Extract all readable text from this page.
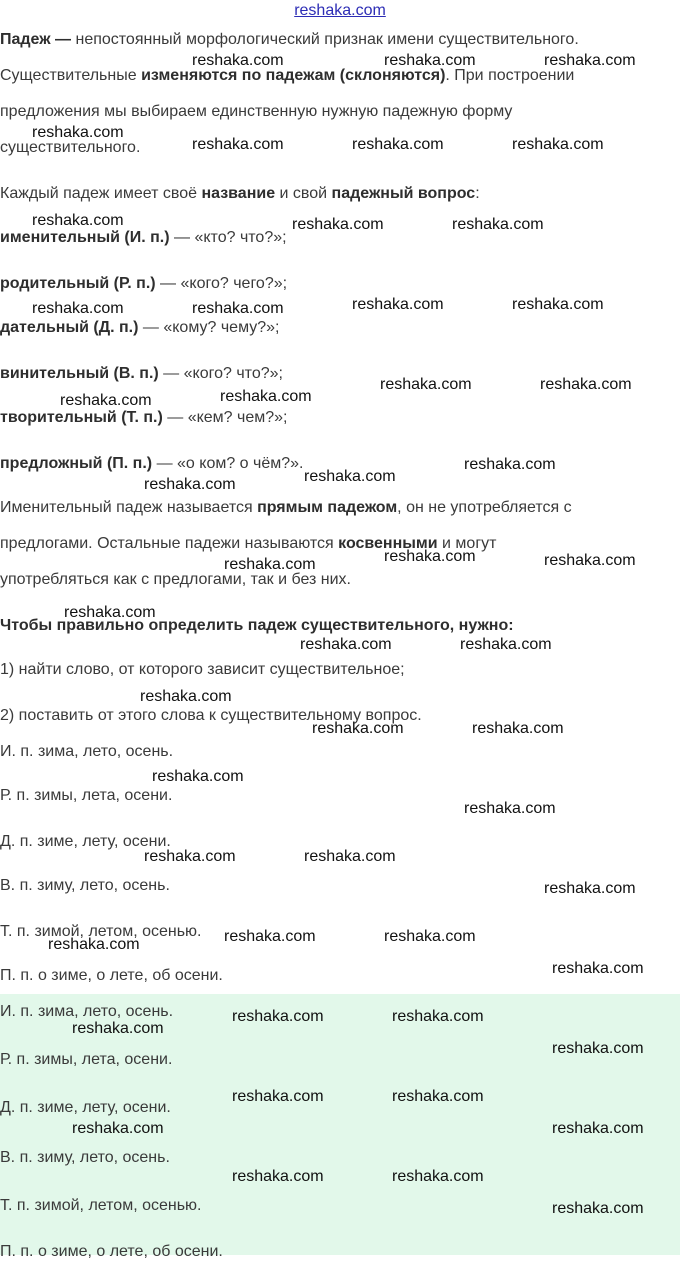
reshaka.com
Падеж — непостоянный морфологический признак имени существительного.
Существительные изменяются по падежам (склоняются). При построении
предложения мы выбираем единственную нужную падежную форму
существительного.
Каждый падеж имеет своё название и свой падежный вопрос:
именительный (И. п.) — «кто? что?»;
родительный (Р. п.) — «кого? чего?»;
дательный (Д. п.) — «кому? чему?»;
винительный (В. п.) — «кого? что?»;
творительный (Т. п.) — «кем? чем?»;
предложный (П. п.) — «о ком? о чём?».
Именительный падеж называется прямым падежом, он не употребляется с
предлогами. Остальные падежи называются косвенными и могут
употребляться как с предлогами, так и без них.
Чтобы правильно определить падеж существительного, нужно:
1) найти слово, от которого зависит существительное;
2) поставить от этого слова к существительному вопрос.
И. п. зима, лето, осень.
Р. п. зимы, лета, осени.
Д. п. зиме, лету, осени.
В. п. зиму, лето, осень.
Т. п. зимой, летом, осенью.
П. п. о зиме, о лете, об осени.
И. п. зима, лето, осень.
Р. п. зимы, лета, осени.
Д. п. зиме, лету, осени.
В. п. зиму, лето, осень.
Т. п. зимой, летом, осенью.
П. п. о зиме, о лете, об осени.
reshaka.com	reshaka.com	reshaka.com
reshaka.com
reshaka.com	reshaka.com	reshaka.com
reshaka.com	reshaka.com	reshaka.com
reshaka.com	reshaka.com	reshaka.com	reshaka.com
reshaka.com	reshaka.com
reshaka.com	reshaka.com
reshaka.com
reshaka.com
reshaka.com
reshaka.com	reshaka.com
reshaka.com
reshaka.com
reshaka.com	reshaka.com
reshaka.com
reshaka.com	reshaka.com
reshaka.com
reshaka.com
reshaka.com	reshaka.com
reshaka.com
reshaka.com	reshaka.com
reshaka.com
reshaka.com
reshaka.com	reshaka.com
reshaka.com
reshaka.com
reshaka.com	reshaka.com
reshaka.com	reshaka.com
reshaka.com	reshaka.com
reshaka.com
